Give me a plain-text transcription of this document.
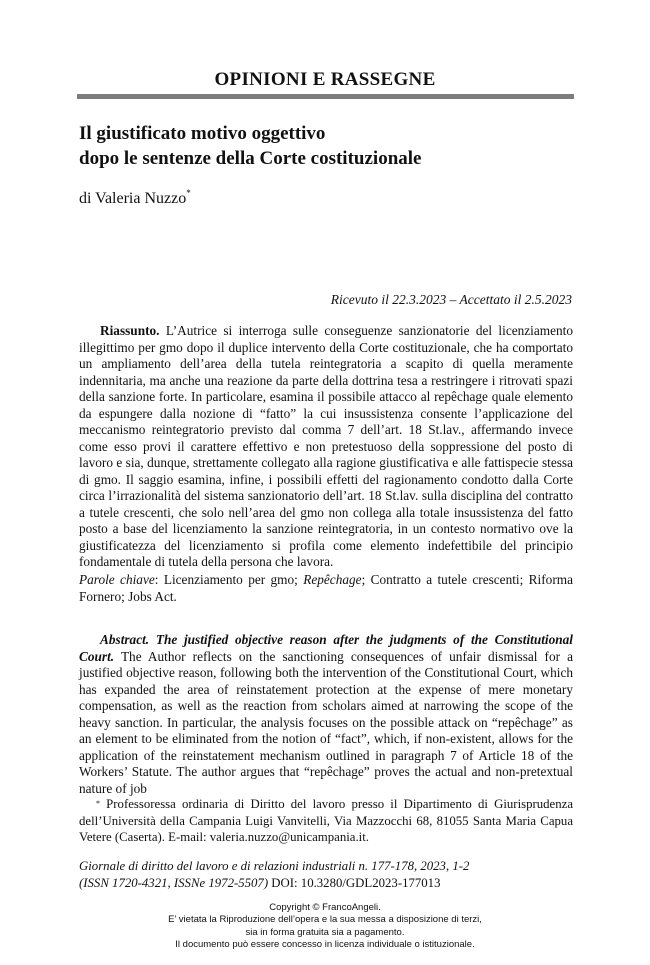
OPINIONI E RASSEGNE
Il giustificato motivo oggettivo
dopo le sentenze della Corte costituzionale
di Valeria Nuzzo*
Ricevuto il 22.3.2023 – Accettato il 2.5.2023
Riassunto. L’Autrice si interroga sulle conseguenze sanzionatorie del licenziamento illegittimo per gmo dopo il duplice intervento della Corte costituzionale, che ha comportato un ampliamento dell’area della tutela reintegratoria a scapito di quella meramente indennitaria, ma anche una reazione da parte della dottrina tesa a restringere i ritrovati spazi della sanzione forte. In particolare, esamina il possibile attacco al repêchage quale elemento da espungere dalla nozione di “fatto” la cui insussistenza consente l’applicazione del meccanismo reintegratorio previsto dal comma 7 dell’art. 18 St.lav., affermando invece come esso provi il carattere effettivo e non pretestuoso della soppressione del posto di lavoro e sia, dunque, strettamente collegato alla ragione giustificativa e alle fattispecie stessa di gmo. Il saggio esamina, infine, i possibili effetti del ragionamento condotto dalla Corte circa l’irrazionalità del sistema sanzionatorio dell’art. 18 St.lav. sulla disciplina del contratto a tutele crescenti, che solo nell’area del gmo non collega alla totale insussistenza del fatto posto a base del licenziamento la sanzione reintegratoria, in un contesto normativo ove la giustificatezza del licenziamento si profila come elemento indefettibile del principio fondamentale di tutela della persona che lavora.
Parole chiave: Licenziamento per gmo; Repêchage; Contratto a tutele crescenti; Riforma Fornero; Jobs Act.
Abstract. The justified objective reason after the judgments of the Constitutional Court. The Author reflects on the sanctioning consequences of unfair dismissal for a justified objective reason, following both the intervention of the Constitutional Court, which has expanded the area of reinstatement protection at the expense of mere monetary compensation, as well as the reaction from scholars aimed at narrowing the scope of the heavy sanction. In particular, the analysis focuses on the possible attack on “repêchage” as an element to be eliminated from the notion of “fact”, which, if non-existent, allows for the application of the reinstatement mechanism outlined in paragraph 7 of Article 18 of the Workers’ Statute. The author argues that “repêchage” proves the actual and non-pretextual nature of job
* Professoressa ordinaria di Diritto del lavoro presso il Dipartimento di Giurisprudenza dell’Università della Campania Luigi Vanvitelli, Via Mazzocchi 68, 81055 Santa Maria Capua Vetere (Caserta). E-mail: valeria.nuzzo@unicampania.it.
Giornale di diritto del lavoro e di relazioni industriali n. 177-178, 2023, 1-2
(ISSN 1720-4321, ISSNe 1972-5507) DOI: 10.3280/GDL2023-177013
Copyright © FrancoAngeli.
E’ vietata la Riproduzione dell’opera e la sua messa a disposizione di terzi,
sia in forma gratuita sia a pagamento.
Il documento può essere concesso in licenza individuale o istituzionale.
